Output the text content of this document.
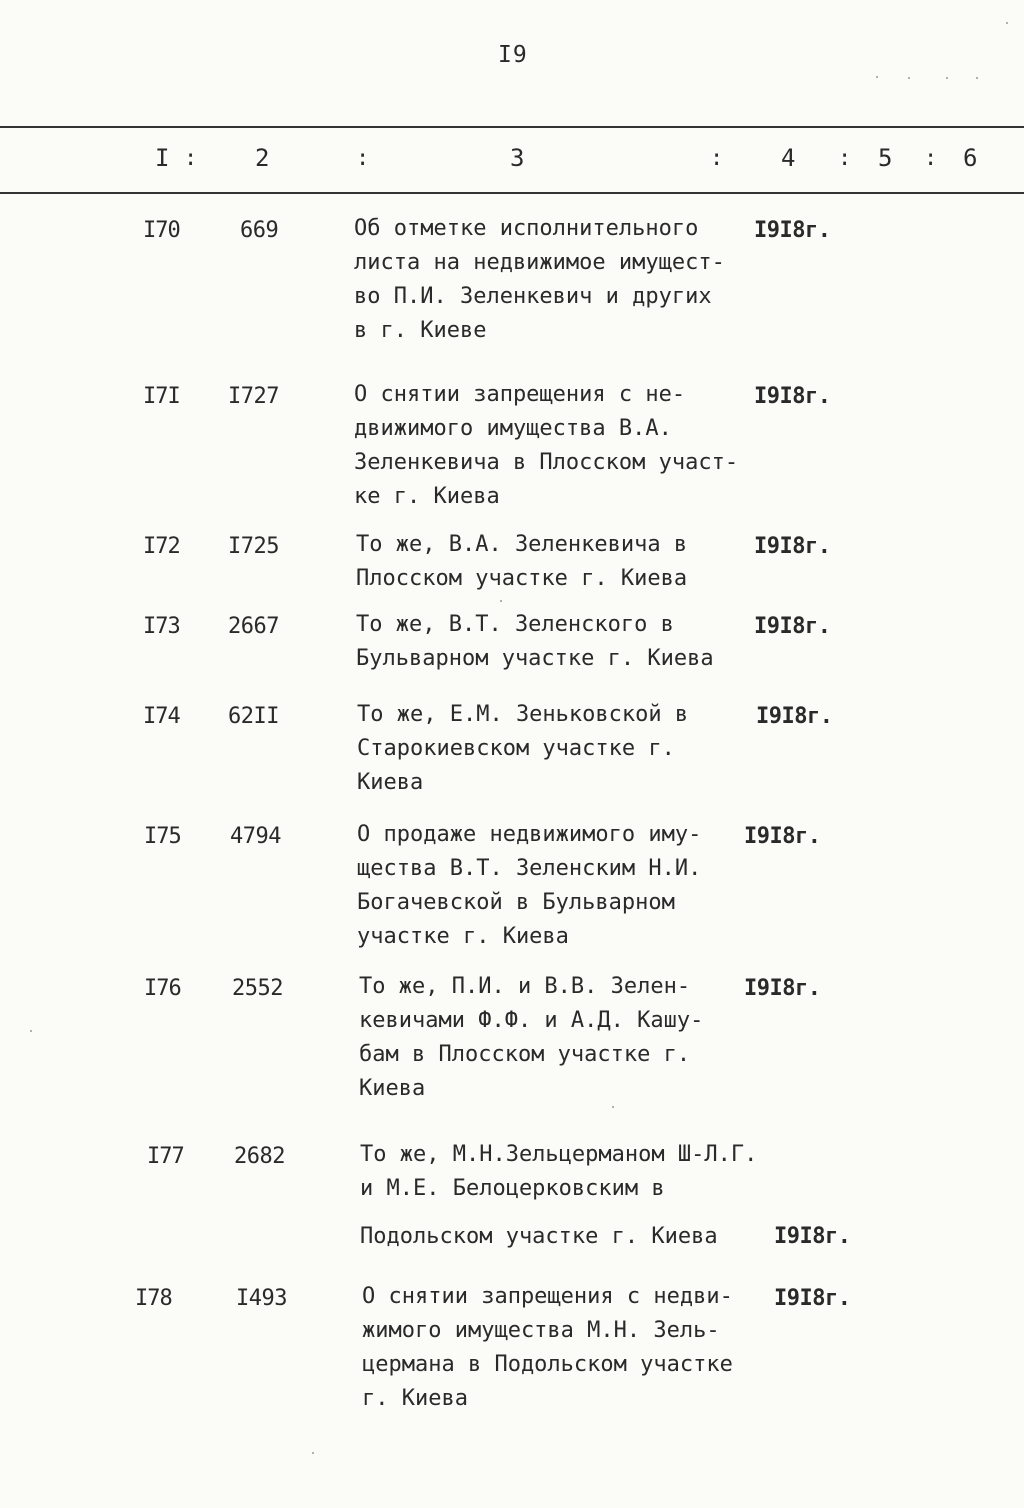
I9
I : 2	:	3	: 4 : 5 : 6
I70	669	Об отметке исполнительного
листа на недвижимое имущест-
во П.И. Зеленкевич и других
в г. Киеве
I9I8г.
I7I I727	О снятии запрещения с не-
движимого имущества В.А.
Зеленкевича в Плосском участ-
ке г. Киева
I9I8г.
I72 I725	То же, В.А. Зеленкевича в
Плосском участке г. Киева
I9I8г.
I73 2667	То же, В.Т. Зеленского в
Бульварном участке г. Киева
I9I8г.
I74 62II	То же, Е.М. Зеньковской в
Старокиевском участке г.
Киева
I9I8г.
I75 4794	О продаже недвижимого иму-
щества В.Т. Зеленским Н.И.
Богачевской в Бульварном
участке г. Киева
I9I8г.
I76 2552	То же, П.И. и В.В. Зелен-
кевичами Ф.Ф. и А.Д. Кашу-
бам в Плосском участке г.
Киева
I9I8г.
I77 2682	То же, М.Н.Зельцерманом Ш-Л.Г.
и М.Е. Белоцерковским в
Подольском участке г. Киева	I9I8г.
I78	I493	О снятии запрещения с недви-
жимого имущества М.Н. Зель-
цермана в Подольском участке
г. Киева
I9I8г.
